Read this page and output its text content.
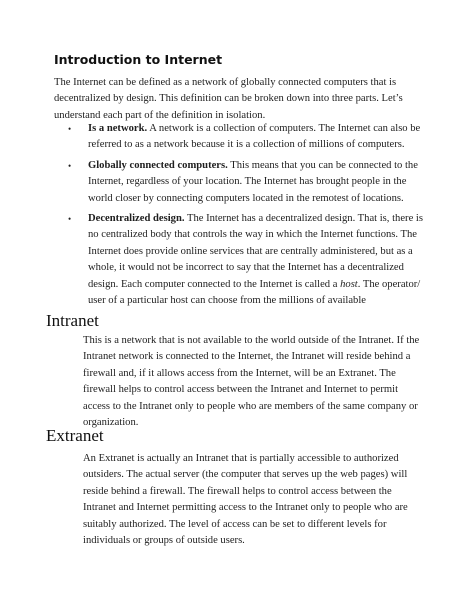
Introduction to Internet

The Internet can be defined as a network of globally connected computers that is decentralized by design. This definition can be broken down into three parts. Let’s understand each part of the definition in isolation.

• Is a network. A network is a collection of computers. The Internet can also be referred to as a network because it is a collection of millions of computers.
• Globally connected computers. This means that you can be connected to the Internet, regardless of your location. The Internet has brought people in the world closer by connecting computers located in the remotest of locations.
• Decentralized design. The Internet has a decentralized design. That is, there is no centralized body that controls the way in which the Internet functions. The Internet does provide online services that are centrally administered, but as a whole, it would not be incorrect to say that the Internet has a decentralized design. Each computer connected to the Internet is called a host. The operator/ user of a particular host can choose from the millions of available
Intranet

This is a network that is not available to the world outside of the Intranet. If the Intranet network is connected to the Internet, the Intranet will reside behind a firewall and, if it allows access from the Internet, will be an Extranet. The firewall helps to control access between the Intranet and Internet to permit access to the Intranet only to people who are members of the same company or organization.

Extranet

An Extranet is actually an Intranet that is partially accessible to authorized outsiders. The actual server (the computer that serves up the web pages) will reside behind a firewall. The firewall helps to control access between the Intranet and Internet permitting access to the Intranet only to people who are suitably authorized. The level of access can be set to different levels for individuals or groups of outside users.
